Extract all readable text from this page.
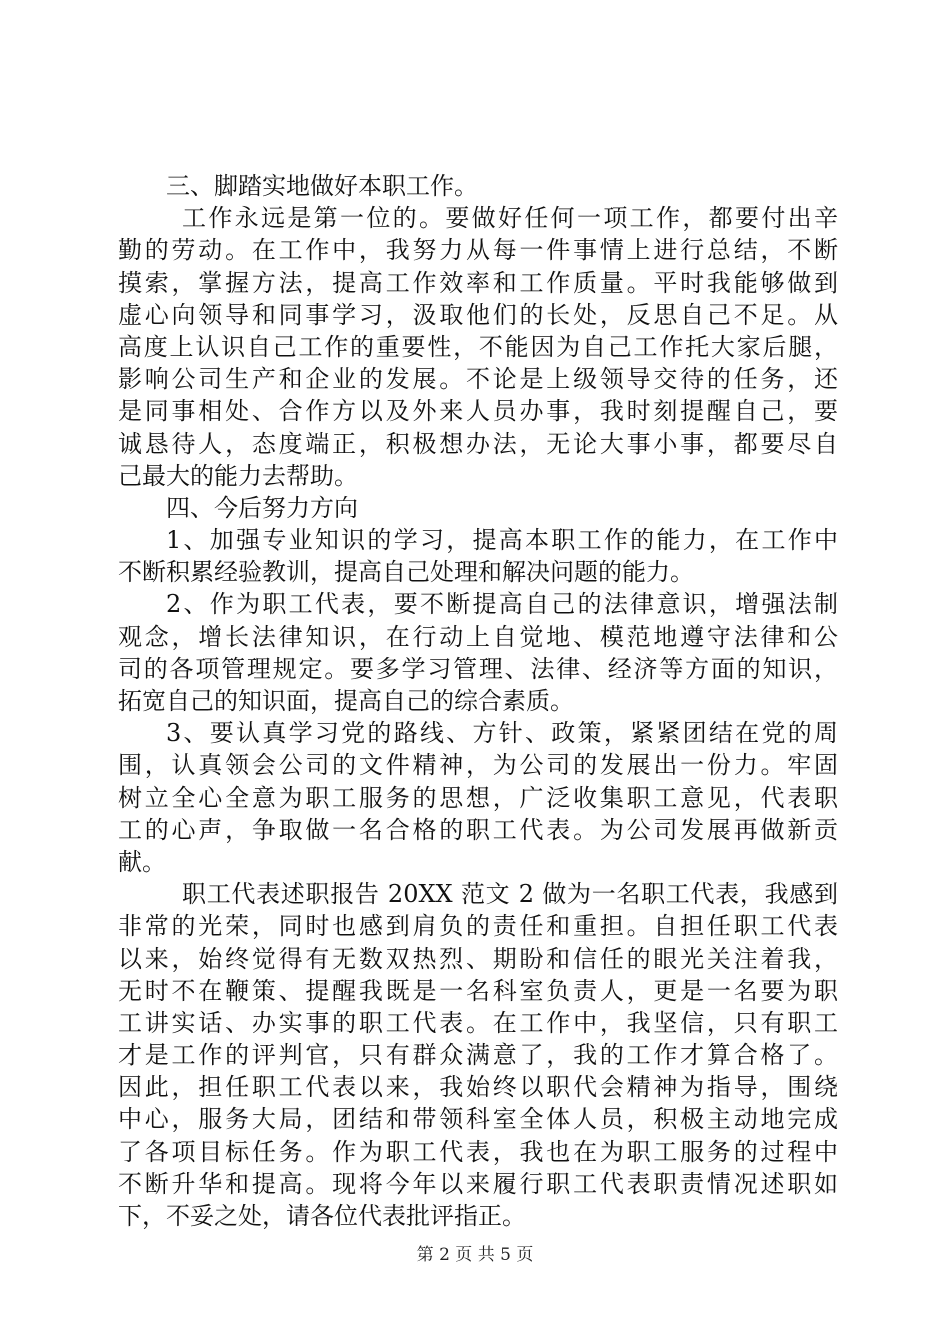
三、脚踏实地做好本职工作。
工作永远是第一位的。要做好任何一项工作，都要付出辛
勤的劳动。在工作中，我努力从每一件事情上进行总结，不断
摸索，掌握方法，提高工作效率和工作质量。平时我能够做到
虚心向领导和同事学习，汲取他们的长处，反思自己不足。从
高度上认识自己工作的重要性，不能因为自己工作托大家后腿，
影响公司生产和企业的发展。不论是上级领导交待的任务，还
是同事相处、合作方以及外来人员办事，我时刻提醒自己，要
诚恳待人，态度端正，积极想办法，无论大事小事，都要尽自
己最大的能力去帮助。
四、今后努力方向
1、加强专业知识的学习，提高本职工作的能力，在工作中
不断积累经验教训，提高自己处理和解决问题的能力。
2、作为职工代表，要不断提高自己的法律意识，增强法制
观念，增长法律知识，在行动上自觉地、模范地遵守法律和公
司的各项管理规定。要多学习管理、法律、经济等方面的知识，
拓宽自己的知识面，提高自己的综合素质。
3、要认真学习党的路线、方针、政策，紧紧团结在党的周
围，认真领会公司的文件精神，为公司的发展出一份力。牢固
树立全心全意为职工服务的思想，广泛收集职工意见，代表职
工的心声，争取做一名合格的职工代表。为公司发展再做新贡
献。
职工代表述职报告 20XX 范文 2 做为一名职工代表，我感到
非常的光荣，同时也感到肩负的责任和重担。自担任职工代表
以来，始终觉得有无数双热烈、期盼和信任的眼光关注着我，
无时不在鞭策、提醒我既是一名科室负责人，更是一名要为职
工讲实话、办实事的职工代表。在工作中，我坚信，只有职工
才是工作的评判官，只有群众满意了，我的工作才算合格了。
因此，担任职工代表以来，我始终以职代会精神为指导，围绕
中心，服务大局，团结和带领科室全体人员，积极主动地完成
了各项目标任务。作为职工代表，我也在为职工服务的过程中
不断升华和提高。现将今年以来履行职工代表职责情况述职如
下，不妥之处，请各位代表批评指正。
第 2 页 共 5 页
